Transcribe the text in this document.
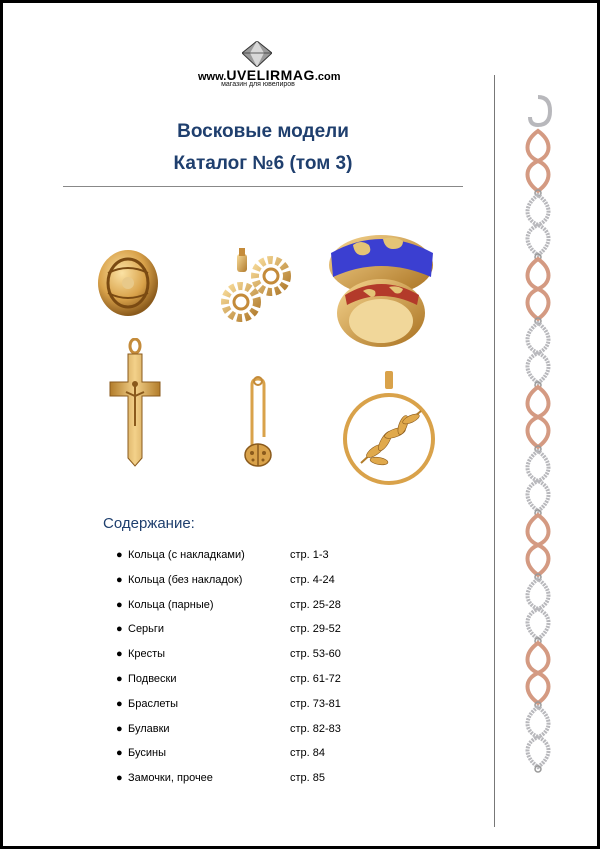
www.UVELIRMAG.com
магазин для ювелиров
Восковые модели
Каталог №6 (том 3)
Содержание:
● Кольца (с накладками)	стр. 1-3
● Кольца (без накладок)	стр. 4-24
● Кольца (парные)	стр. 25-28
● Серьги	стр. 29-52
● Кресты	стр. 53-60
● Подвески	стр. 61-72
● Браслеты	стр. 73-81
● Булавки	стр. 82-83
● Бусины	стр. 84
● Замочки, прочее	стр. 85
